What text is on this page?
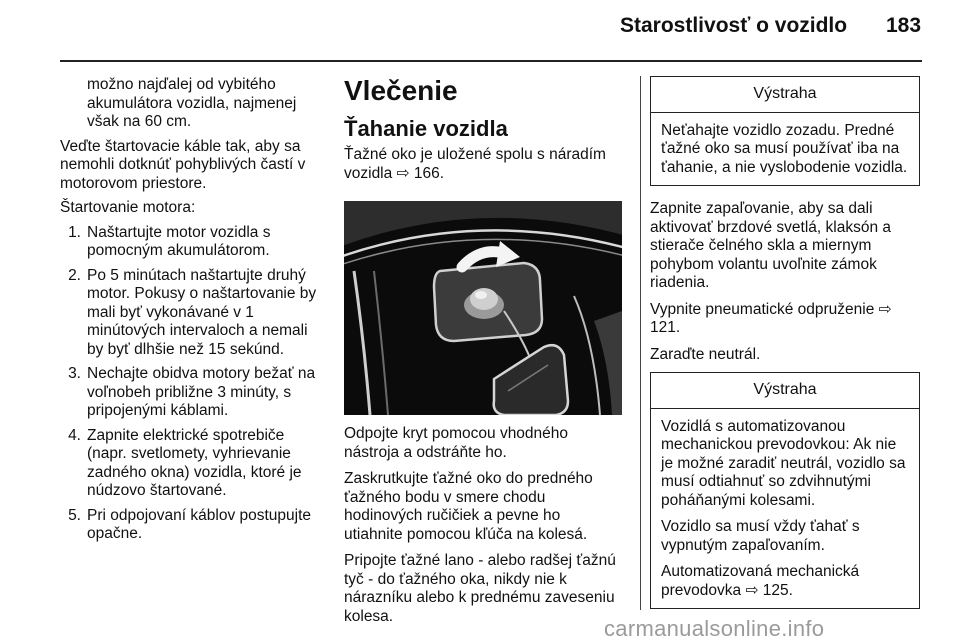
Starostlivosť o vozidlo 183

možno najďalej od vybitého akumulátora vozidla, najmenej však na 60 cm.

Veďte štartovacie káble tak, aby sa nemohli dotknúť pohyblivých častí v motorovom priestore.

Štartovanie motora:

1. Naštartujte motor vozidla s pomocným akumulátorom.
2. Po 5 minútach naštartujte druhý motor. Pokusy o naštartovanie by mali byť vykonávané v 1 minútových intervaloch a nemali by byť dlhšie než 15 sekúnd.
3. Nechajte obidva motory bežať na voľnobeh približne 3 minúty, s pripojenými káblami.
4. Zapnite elektrické spotrebiče (napr. svetlomety, vyhrievanie zadného okna) vozidla, ktoré je núdzovo štartované.
5. Pri odpojovaní káblov postupujte opačne.
Vlečenie
Ťahanie vozidla

Ťažné oko je uložené spolu s náradím vozidla ⇨ 166.

Odpojte kryt pomocou vhodného nástroja a odstráňte ho.

Zaskrutkujte ťažné oko do predného ťažného bodu v smere chodu hodinových ručičiek a pevne ho utiahnite pomocou kľúča na kolesá.

Pripojte ťažné lano - alebo radšej ťažnú tyč - do ťažného oka, nikdy nie k nárazníku alebo k prednému zaveseniu kolesa.

Výstraha

Neťahajte vozidlo zozadu. Predné ťažné oko sa musí používať iba na ťahanie, a nie vyslobodenie vozidla.

Zapnite zapaľovanie, aby sa dali aktivovať brzdové svetlá, klaksón a stierače čelného skla a miernym pohybom volantu uvoľnite zámok riadenia.

Vypnite pneumatické odpruženie ⇨ 121.

Zaraďte neutrál.

Výstraha

Vozidlá s automatizovanou mechanickou prevodovkou: Ak nie je možné zaradiť neutrál, vozidlo sa musí odtiahnuť so zdvihnutými poháňanými kolesami.

Vozidlo sa musí vždy ťahať s vypnutým zapaľovaním.

Automatizovaná mechanická prevodovka ⇨ 125.

carmanualsonline.info
